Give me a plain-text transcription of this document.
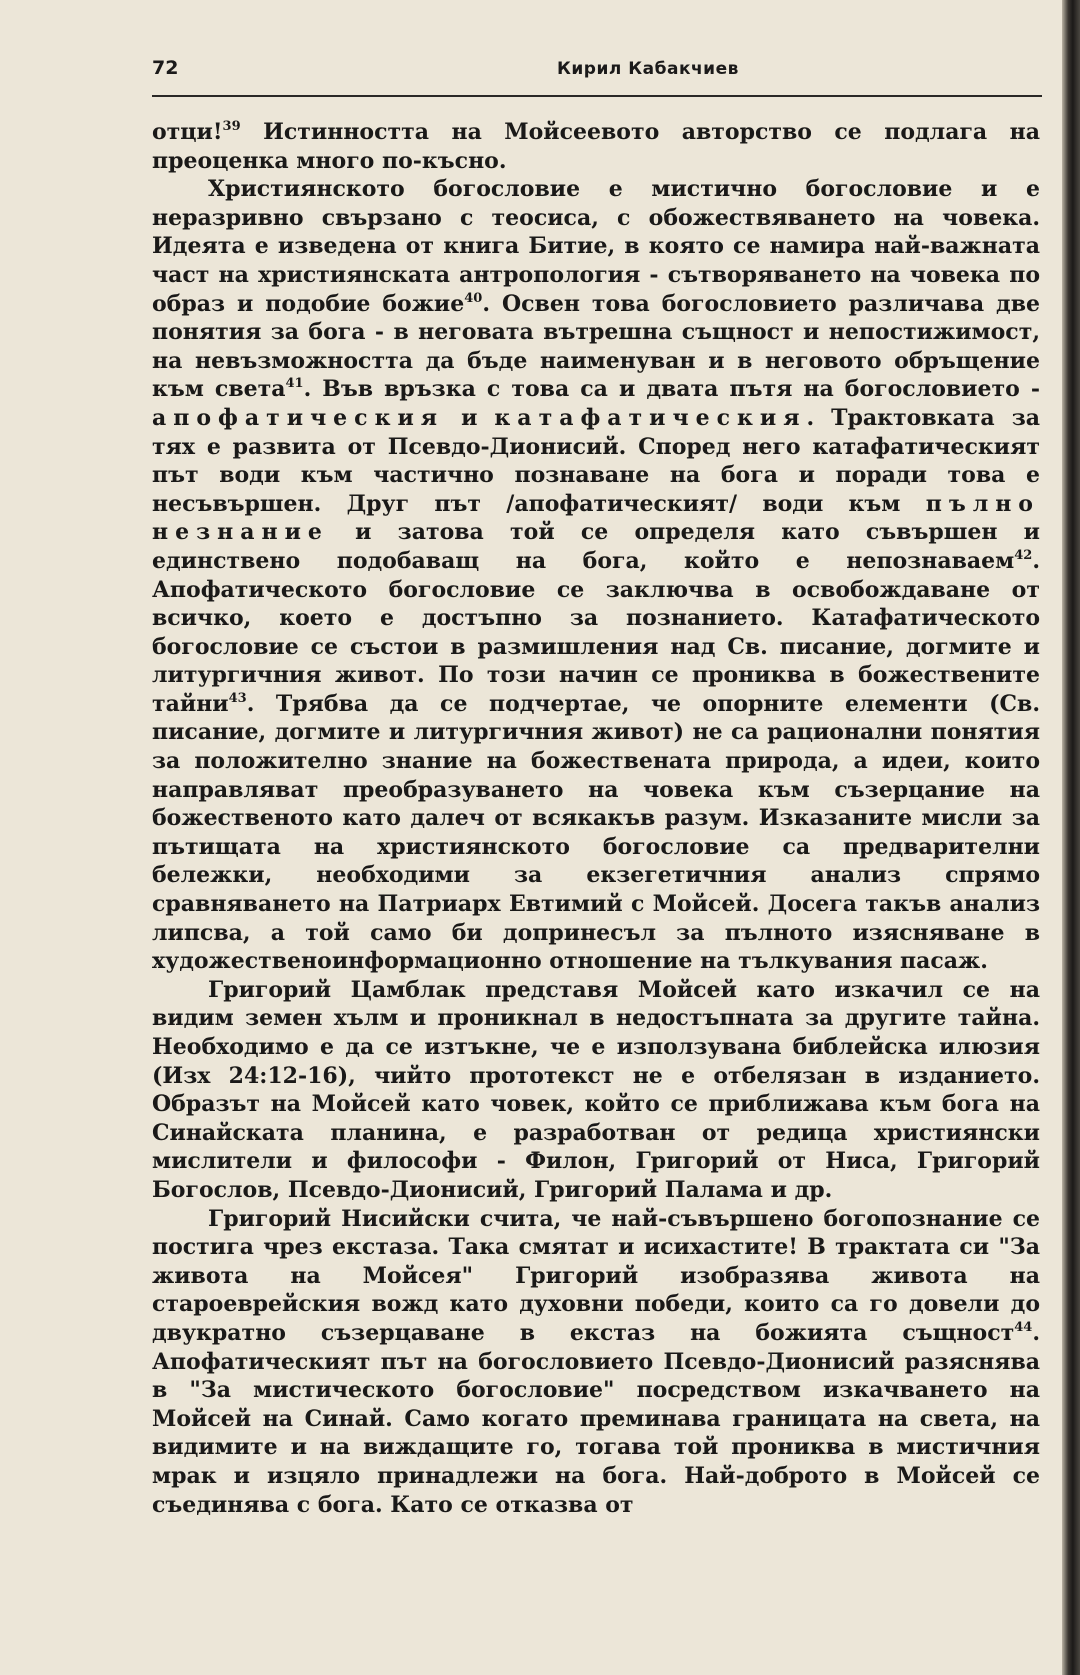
72	Кирил Кабакчиев

отци!$^{39}$ Истинността на Мойсеевото авторство се подлага на преоценка много по-късно.

Християнското богословие е мистично богословие и е неразривно свързано с теосиса, с обожествяването на човека. Идеята е изведена от книга Битие, в която се намира най-важната част на християнската антропология - сътворяването на човека по образ и подобие божие$^{40}$. Освен това богословието различава две понятия за бога - в неговата вътрешна същност и непостижимост, на невъзможността да бъде наименуван и в неговото обръщение към света$^{41}$. Във връзка с това са и двата пътя на богословието - апофатическия и катафатическия. Трактовката за тях е развита от Псевдо-Дионисий. Според него катафатическият път води към частично познаване на бога и поради това е несъвършен. Друг път /апофатическият/ води към пълно незнание и затова той се определя като съвършен и единствено подобаващ на бога, който е непознаваем$^{42}$. Апофатическото богословие се заключва в освобождаване от всичко, което е достъпно за познанието. Катафатическото богословие се състои в размишления над Св. писание, догмите и литургичния живот. По този начин се прониква в божествените тайни$^{43}$. Трябва да се подчертае, че опорните елементи (Св. писание, догмите и литургичния живот) не са рационални понятия за положително знание на божествената природа, а идеи, които направляват преобразуването на човека към съзерцание на божественото като далеч от всякакъв разум. Изказаните мисли за пътищата на християнското богословие са предварителни бележки, необходими за екзегетичния анализ спрямо сравняването на Патриарх Евтимий с Мойсей. Досега такъв анализ липсва, а той само би допринесъл за пълното изясняване в художественоинформационно отношение на тълкувания пасаж.

Григорий Цамблак представя Мойсей като изкачил се на видим земен хълм и проникнал в недостъпната за другите тайна. Необходимо е да се изтъкне, че е използувана библейска илюзия (Изх 24:12-16), чийто прототекст не е отбелязан в изданието. Образът на Мойсей като човек, който се приближава към бога на Синайската планина, е разработван от редица християнски мислители и философи - Филон, Григорий от Ниса, Григорий Богослов, Псевдо-Дионисий, Григорий Палама и др.

Григорий Нисийски счита, че най-съвършено богопознание се постига чрез екстаза. Така смятат и исихастите! В трактата си "За живота на Мойсея" Григорий изобразява живота на староеврейския вожд като духовни победи, които са го довели до двукратно съзерцаване в екстаз на божията същност$^{44}$. Апофатическият път на богословието Псевдо-Дионисий разяснява в "За мистическото богословие" посредством изкачването на Мойсей на Синай. Само когато преминава границата на света, на видимите и на виждащите го, тогава той прониква в мистичния мрак и изцяло принадлежи на бога. Най-доброто в Мойсей се съединява с бога. Като се отказва от
